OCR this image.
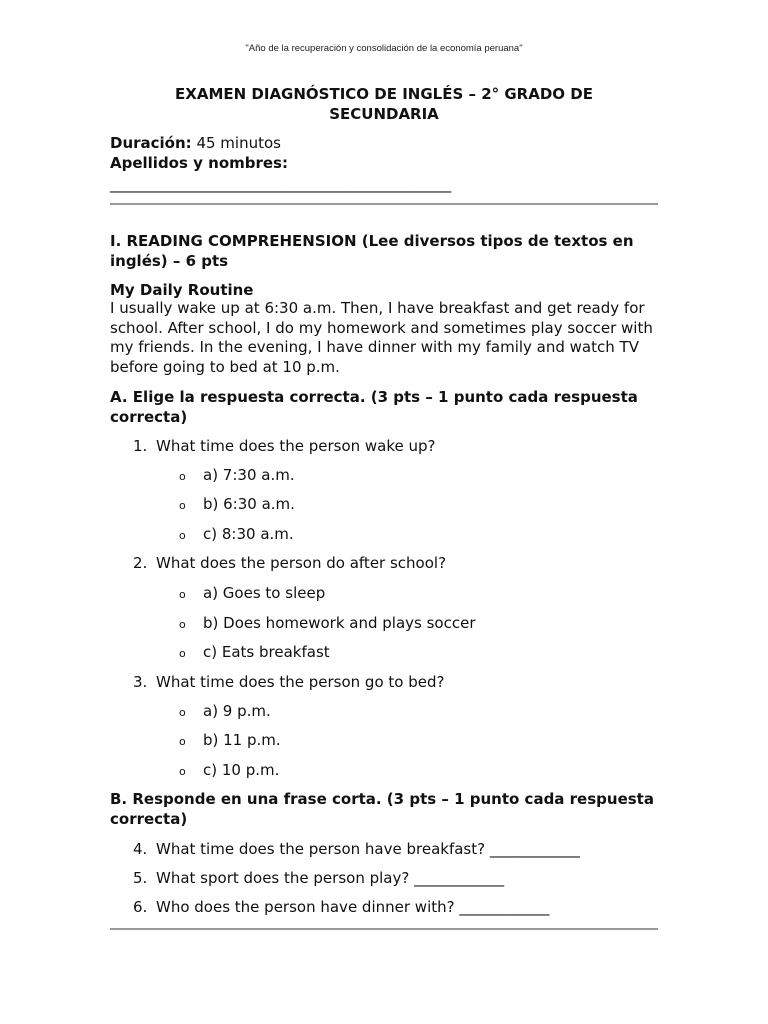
"Año de la recuperación y consolidación de la economía peruana"
EXAMEN DIAGNÓSTICO DE INGLÉS – 2° GRADO DE SECUNDARIA
Duración: 45 minutos
Apellidos y nombres:
________________________________________________
I. READING COMPREHENSION (Lee diversos tipos de textos en inglés) – 6 pts
My Daily Routine
I usually wake up at 6:30 a.m. Then, I have breakfast and get ready for school. After school, I do my homework and sometimes play soccer with my friends. In the evening, I have dinner with my family and watch TV before going to bed at 10 p.m.
A. Elige la respuesta correcta. (3 pts – 1 punto cada respuesta correcta)
1. What time does the person wake up?
o a) 7:30 a.m.
o b) 6:30 a.m.
o c) 8:30 a.m.
2. What does the person do after school?
o a) Goes to sleep
o b) Does homework and plays soccer
o c) Eats breakfast
3. What time does the person go to bed?
o a) 9 p.m.
o b) 11 p.m.
o c) 10 p.m.
B. Responde en una frase corta. (3 pts – 1 punto cada respuesta correcta)
4. What time does the person have breakfast? ____________
5. What sport does the person play? ____________
6. Who does the person have dinner with? ____________
